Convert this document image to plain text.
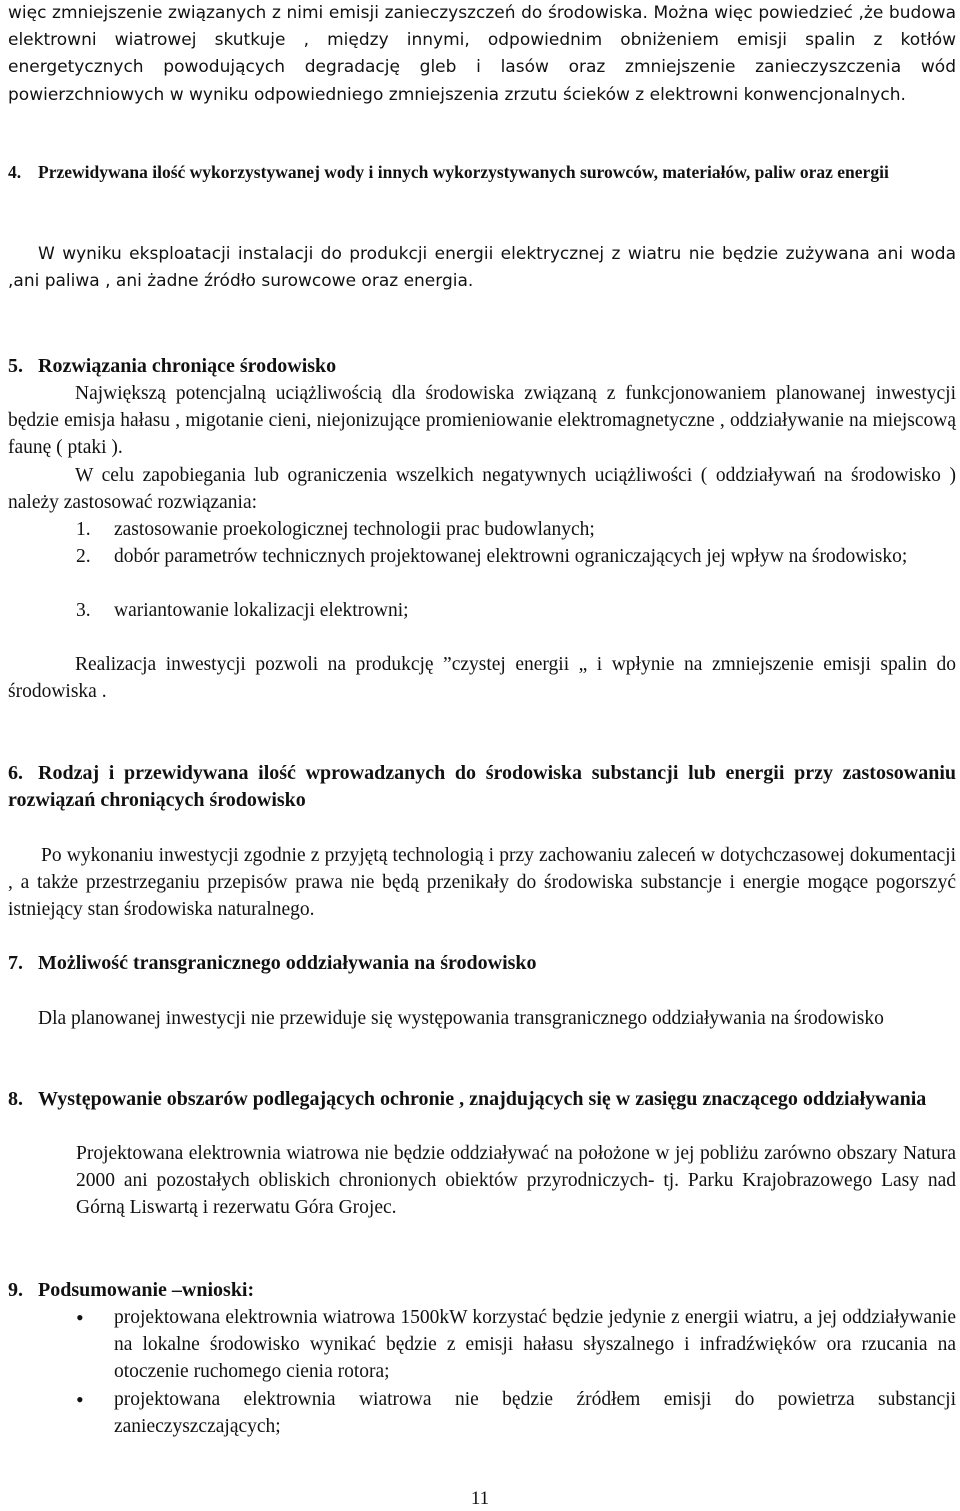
więc zmniejszenie związanych z nimi emisji zanieczyszczeń do środowiska. Można więc powiedzieć ,że budowa elektrowni wiatrowej skutkuje , między innymi, odpowiednim obniżeniem emisji spalin z kotłów energetycznych powodujących degradację gleb i lasów oraz zmniejszenie zanieczyszczenia wód powierzchniowych w wyniku odpowiedniego zmniejszenia zrzutu ścieków z elektrowni konwencjonalnych.
4. Przewidywana ilość wykorzystywanej wody i innych wykorzystywanych surowców, materiałów, paliw oraz energii
W wyniku eksploatacji instalacji do produkcji energii elektrycznej z wiatru nie będzie zużywana ani woda ,ani paliwa , ani żadne źródło surowcowe oraz energia.
5. Rozwiązania chroniące środowisko
Największą potencjalną uciążliwością dla środowiska związaną z funkcjonowaniem planowanej inwestycji będzie emisja hałasu , migotanie cieni, niejonizujące promieniowanie elektromagnetyczne , oddziaływanie na miejscową faunę ( ptaki ).
W celu zapobiegania lub ograniczenia wszelkich negatywnych uciążliwości ( oddziaływań na środowisko ) należy zastosować rozwiązania:
1.	zastosowanie proekologicznej technologii prac budowlanych;
2.	dobór parametrów technicznych projektowanej elektrowni ograniczających jej wpływ na środowisko;
3.	wariantowanie lokalizacji elektrowni;
Realizacja inwestycji pozwoli na produkcję ”czystej energii „ i wpłynie na zmniejszenie emisji spalin do środowiska .
6. Rodzaj i przewidywana ilość wprowadzanych do środowiska substancji lub energii przy zastosowaniu rozwiązań chroniących środowisko
Po wykonaniu inwestycji zgodnie z przyjętą technologią i przy zachowaniu zaleceń w dotychczasowej dokumentacji , a także przestrzeganiu przepisów prawa nie będą przenikały do środowiska substancje i energie mogące pogorszyć istniejący stan środowiska naturalnego.
7. Możliwość transgranicznego oddziaływania na środowisko
Dla planowanej inwestycji nie przewiduje się występowania transgranicznego oddziaływania na środowisko
8. Występowanie obszarów podlegających ochronie , znajdujących się w zasięgu znaczącego oddziaływania
Projektowana elektrownia wiatrowa nie będzie oddziaływać na położone w jej pobliżu zarówno obszary Natura 2000 ani pozostałych obliskich chronionych obiektów przyrodniczych- tj. Parku Krajobrazowego Lasy nad Górną Liswartą i rezerwatu Góra Grojec.
9. Podsumowanie –wnioski:
•	projektowana elektrownia wiatrowa 1500kW korzystać będzie jedynie z energii wiatru, a jej oddziaływanie na lokalne środowisko wynikać będzie z emisji hałasu słyszalnego i infradźwięków ora rzucania na otoczenie ruchomego cienia rotora;
•	projektowana elektrownia wiatrowa nie będzie źródłem emisji do powietrza substancji zanieczyszczających;
11
